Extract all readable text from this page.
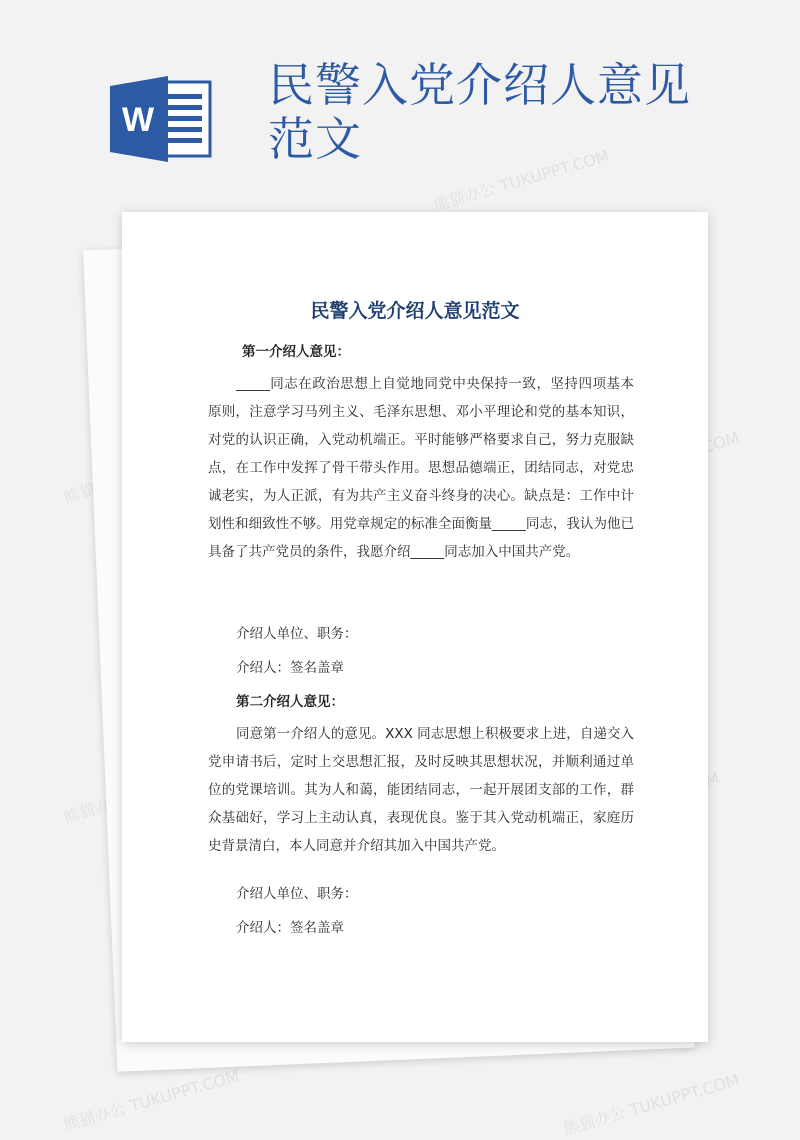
W
民警入党介绍人意见范文
熊猫办公 TUKUPPT.COM
熊猫办公
熊猫办公 TUKUPPT.COM	熊猫办公 TUKUPPT.COM
民警入党介绍人意见范文
第一介绍人意见：
_____同志在政治思想上自觉地同党中央保持一致，坚持四项基本原则，注意学习马列主义、毛泽东思想、邓小平理论和党的基本知识，对党的认识正确，入党动机端正。平时能够严格要求自己，努力克服缺点，在工作中发挥了骨干带头作用。思想品德端正，团结同志，对党忠诚老实，为人正派，有为共产主义奋斗终身的决心。缺点是：工作中计划性和细致性不够。用党章规定的标准全面衡量_____同志，我认为他已具备了共产党员的条件，我愿介绍_____同志加入中国共产党。
介绍人单位、职务：
介绍人：签名盖章
第二介绍人意见：
同意第一介绍人的意见。XXX 同志思想上积极要求上进，自递交入党申请书后，定时上交思想汇报，及时反映其思想状况，并顺利通过单位的党课培训。其为人和蔼，能团结同志，一起开展团支部的工作，群众基础好，学习上主动认真，表现优良。鉴于其入党动机端正，家庭历史背景清白，本人同意并介绍其加入中国共产党。
介绍人单位、职务：
介绍人：签名盖章
